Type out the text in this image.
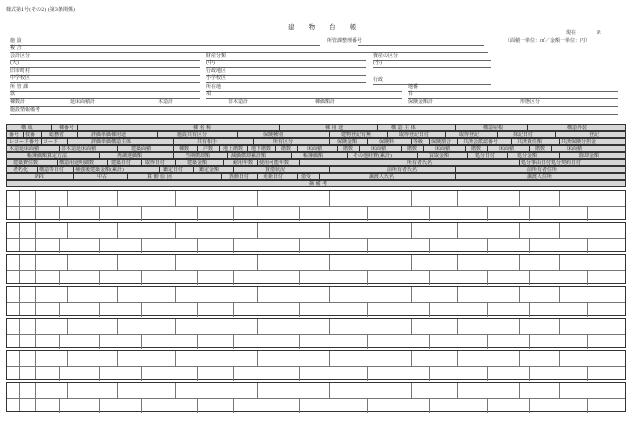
様式第1号(その2) (第3条関係)
建 物 台 帳
現在	P.
所管課整理番号	（面積一単位：㎡／金額一単位：円）
施 設
複 合
会計区分	財産分類	資産の区分
(大)	(中)	(小)
旧市町村	行政地区
中学校区	小学校区	行政
所 管 課	所在地	地番
款	項	目
棟数計	延床面積計	木造計	非木造計	棟価額計	保険金額計	形態区分
施設情報備考
構 成	棟番号	棟 名 称	棟 用 途	構 造 主 体	構造屋根	構造外装
番号 枝番	総務省	評価単価棟用途	施設共有区分	保険種別	建物登記有無	取得登記日付	取得登記	抹記日付	登記
レコード番号 コード	評価単価構造主体	共有相手	所有区分	保険金額	保険料	等級 保険割合 共済会派認番号	共済責任額	共済保険分担金
木造延床面積	非木造延床面積	建築面積	棟数	戸数 地上階数 地下階数 階数	床面積	階数	床面積	階数	床面積	階数	床面積	階数	床面積
帳簿価額算定方法	再調達価額	当期償却額	減価償却累計額	帳簿価額	その他経費(累計)	買取金額	処分日付	処分金額	除却金額
建築費住数	構造用途明細数	建築日付	取得日付	建築金額	耐用年数 使用可能年数	所有者氏名	処分事由日付処分契約日付
老朽化 構造等日付 補強後建築金額(累計)	鑑定日付	鑑定金額	賃借状況	前所有者氏名	前所有者住所
PFI	中古	算 動 原 因	異動日付	更新日付	借受	譲渡人氏名	譲渡人住所
摘 備 考
